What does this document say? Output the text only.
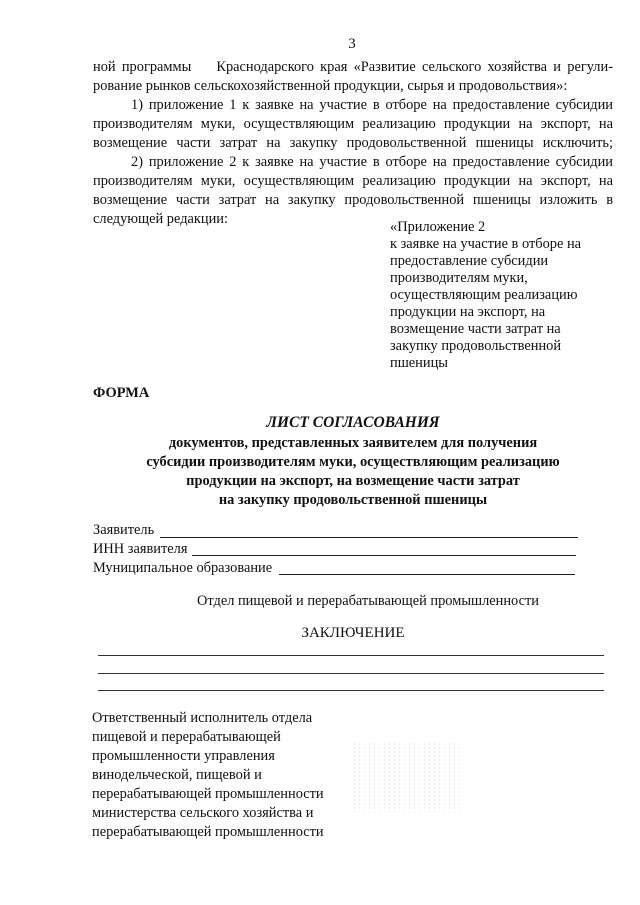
3
ной программы    Краснодарского края «Развитие сельского хозяйства и регули-
рование рынков сельскохозяйственной продукции, сырья и продовольствия»:
1) приложение 1 к заявке на участие в отборе на предоставление субсидии
производителям муки, осуществляющим реализацию продукции на экспорт, на
возмещение части затрат на закупку продовольственной пшеницы исключить;
2) приложение 2 к заявке на участие в отборе на предоставление субсидии
производителям муки, осуществляющим реализацию продукции на экспорт, на
возмещение части затрат на закупку продовольственной пшеницы изложить в
следующей редакции:	«Приложение 2
к заявке на участие в отборе на
предоставление субсидии
производителям муки,
осуществляющим реализацию
продукции на экспорт, на
возмещение части затрат на
закупку продовольственной
пшеницы
ФОРМА
ЛИСТ СОГЛАСОВАНИЯ
документов, представленных заявителем для получения
субсидии производителям муки, осуществляющим реализацию
продукции на экспорт, на возмещение части затрат
на закупку продовольственной пшеницы
Заявитель
ИНН заявителя
Муниципальное образование
Отдел пищевой и перерабатывающей промышленности
ЗАКЛЮЧЕНИЕ
Ответственный исполнитель отдела
пищевой и перерабатывающей
промышленности управления
винодельческой, пищевой и
перерабатывающей промышленности
министерства сельского хозяйства и
перерабатывающей промышленности
